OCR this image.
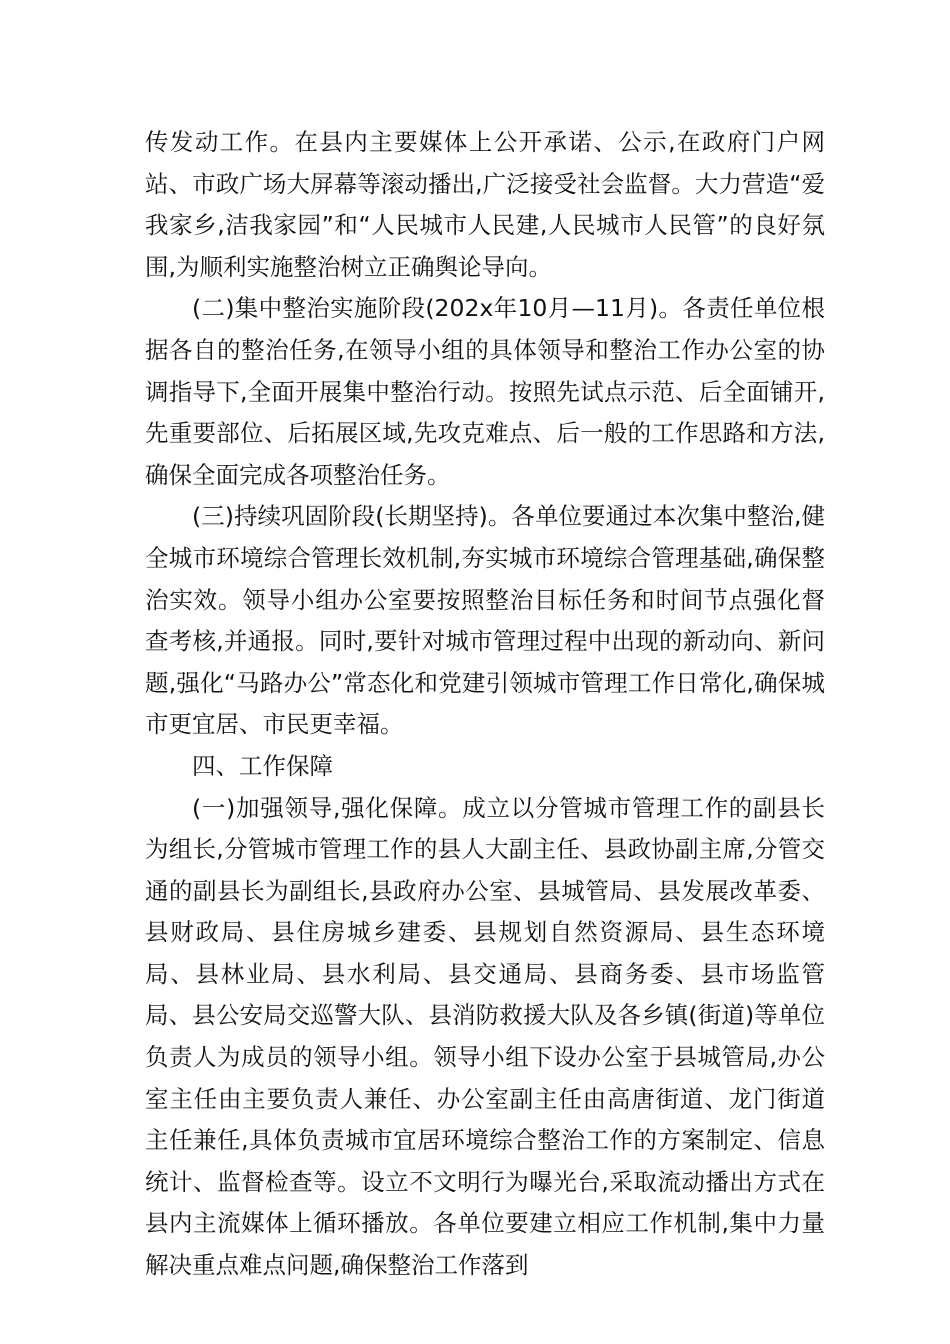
传发动工作。在县内主要媒体上公开承诺、公示,在政府门户网站、市政广场大屏幕等滚动播出,广泛接受社会监督。大力营造“爱我家乡,洁我家园”和“人民城市人民建,人民城市人民管”的良好氛围,为顺利实施整治树立正确舆论导向。

(二)集中整治实施阶段(202x年10月—11月)。各责任单位根据各自的整治任务,在领导小组的具体领导和整治工作办公室的协调指导下,全面开展集中整治行动。按照先试点示范、后全面铺开,先重要部位、后拓展区域,先攻克难点、后一般的工作思路和方法,确保全面完成各项整治任务。

(三)持续巩固阶段(长期坚持)。各单位要通过本次集中整治,健全城市环境综合管理长效机制,夯实城市环境综合管理基础,确保整治实效。领导小组办公室要按照整治目标任务和时间节点强化督查考核,并通报。同时,要针对城市管理过程中出现的新动向、新问题,强化“马路办公”常态化和党建引领城市管理工作日常化,确保城市更宜居、市民更幸福。

四、工作保障

(一)加强领导,强化保障。成立以分管城市管理工作的副县长为组长,分管城市管理工作的县人大副主任、县政协副主席,分管交通的副县长为副组长,县政府办公室、县城管局、县发展改革委、县财政局、县住房城乡建委、县规划自然资源局、县生态环境局、县林业局、县水利局、县交通局、县商务委、县市场监管局、县公安局交巡警大队、县消防救援大队及各乡镇(街道)等单位负责人为成员的领导小组。领导小组下设办公室于县城管局,办公室主任由主要负责人兼任、办公室副主任由高唐街道、龙门街道主任兼任,具体负责城市宜居环境综合整治工作的方案制定、信息统计、监督检查等。设立不文明行为曝光台,采取流动播出方式在县内主流媒体上循环播放。各单位要建立相应工作机制,集中力量解决重点难点问题,确保整治工作落到
